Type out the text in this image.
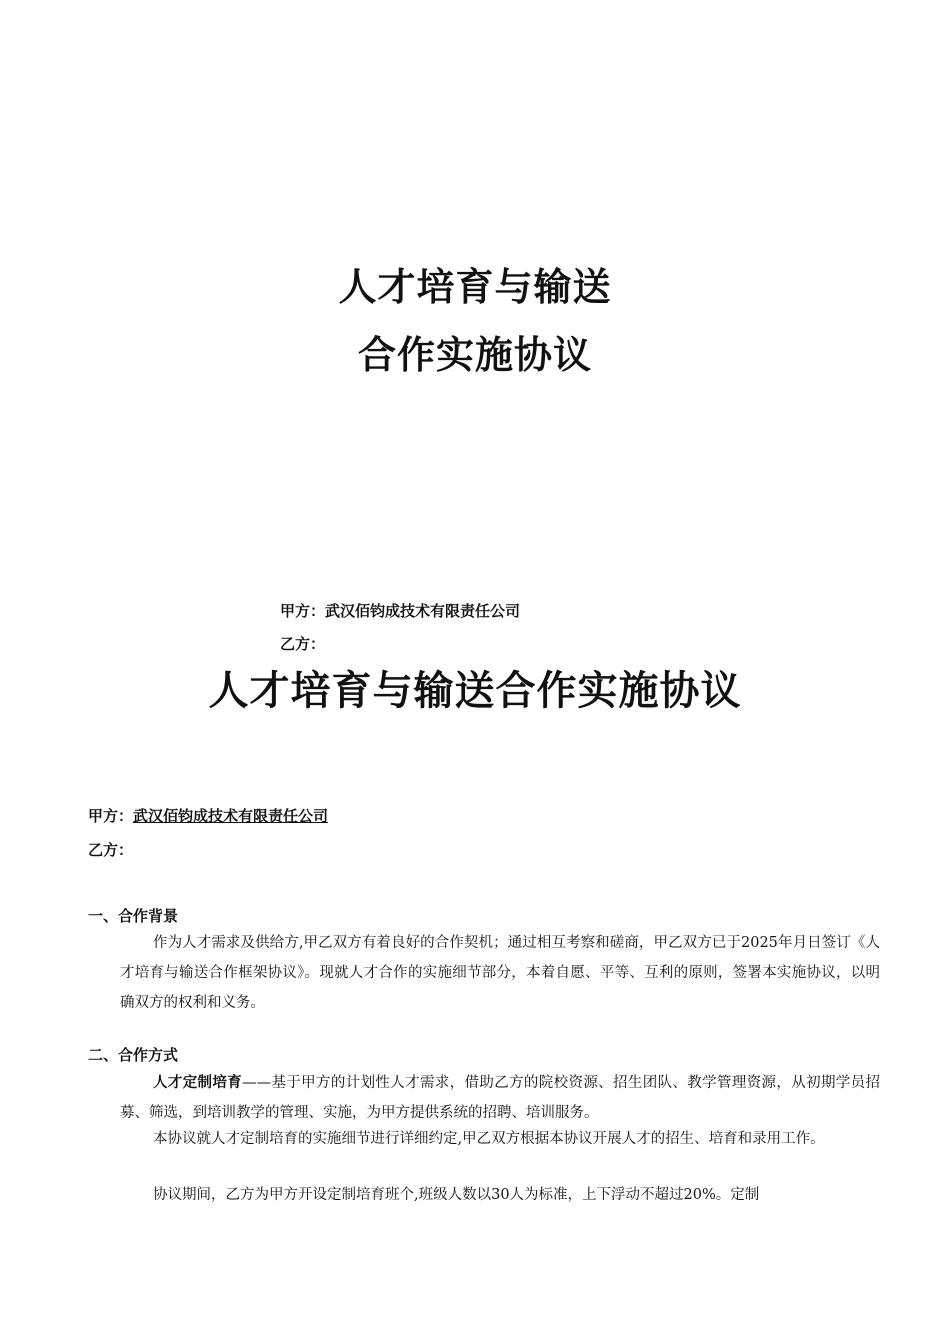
人才培育与输送
合作实施协议
甲方：武汉佰钧成技术有限责任公司
乙方：
人才培育与输送合作实施协议
甲方：武汉佰钧成技术有限责任公司
乙方：
一、合作背景
作为人才需求及供给方,甲乙双方有着良好的合作契机；通过相互考察和磋商，甲乙双方已于2025年月日签订《人才培育与输送合作框架协议》。现就人才合作的实施细节部分，本着自愿、平等、互利的原则，签署本实施协议，以明确双方的权利和义务。
二、合作方式
人才定制培育——基于甲方的计划性人才需求，借助乙方的院校资源、招生团队、教学管理资源，从初期学员招募、筛选，到培训教学的管理、实施，为甲方提供系统的招聘、培训服务。
本协议就人才定制培育的实施细节进行详细约定,甲乙双方根据本协议开展人才的招生、培育和录用工作。
协议期间，乙方为甲方开设定制培育班个,班级人数以30人为标准，上下浮动不超过20%。定制
